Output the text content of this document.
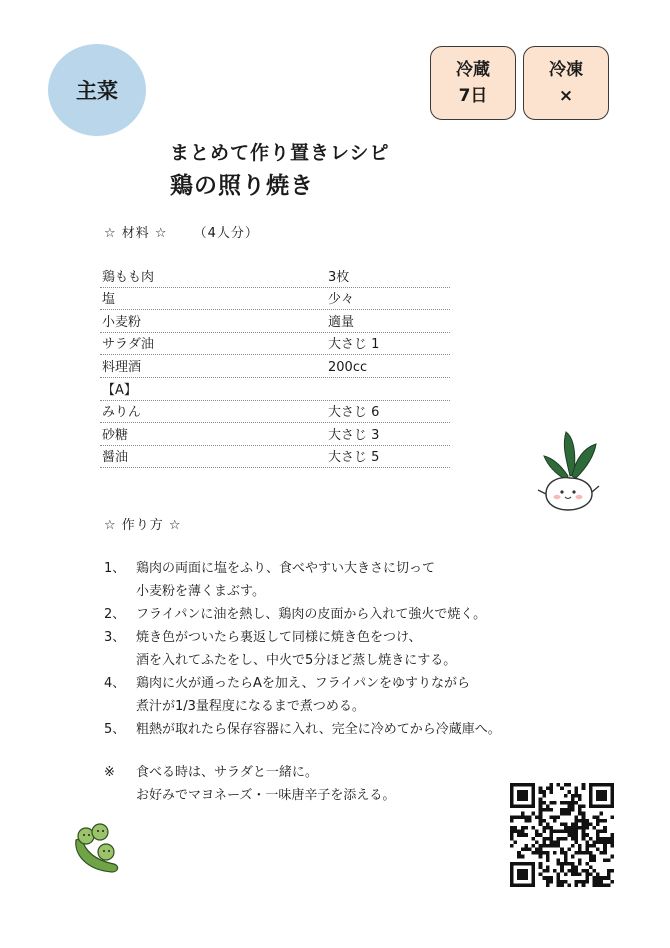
主菜
冷蔵
7日
冷凍
×
まとめて作り置きレシピ
鶏の照り焼き
☆ 材料 ☆ （4人分）
鶏もも肉	3枚
塩	少々
小麦粉	適量
サラダ油	大さじ 1
料理酒	200cc
【A】
みりん	大さじ 6
砂糖	大さじ 3
醤油	大さじ 5
☆ 作り方 ☆
1、 鶏肉の両面に塩をふり、食べやすい大きさに切って
小麦粉を薄くまぶす。
2、 フライパンに油を熱し、鶏肉の皮面から入れて強火で焼く。
3、 焼き色がついたら裏返して同様に焼き色をつけ、
酒を入れてふたをし、中火で5分ほど蒸し焼きにする。
4、 鶏肉に火が通ったらAを加え、フライパンをゆすりながら
煮汁が1/3量程度になるまで煮つめる。
5、 粗熱が取れたら保存容器に入れ、完全に冷めてから冷蔵庫へ。
※	食べる時は、サラダと一緒に。
お好みでマヨネーズ・一味唐辛子を添える。
